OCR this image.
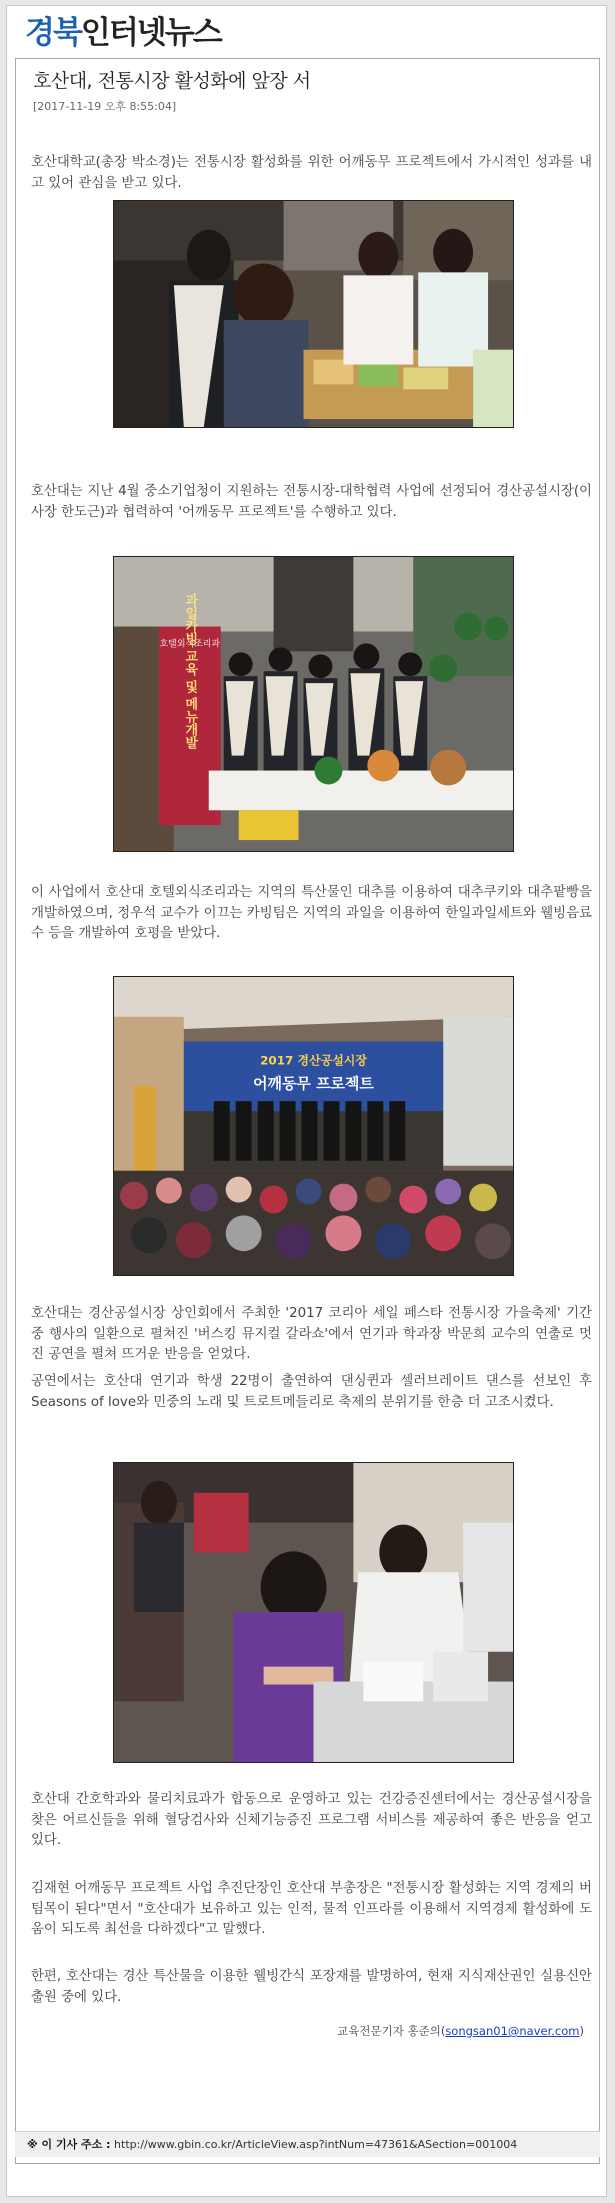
경북인터넷뉴스
호산대, 전통시장 활성화에 앞장 서
[2017-11-19 오후 8:55:04]

호산대학교(총장 박소경)는 전통시장 활성화를 위한 어깨동무 프로젝트에서 가시적인 성과를 내고 있어 관심을 받고 있다.

호산대는 지난 4월 중소기업청이 지원하는 전통시장-대학협력 사업에 선정되어 경산공설시장(이사장 한도근)과 협력하여 '어깨동무 프로젝트'를 수행하고 있다.

호텔외식조리과
과일카빙 교육 및 메뉴개발

이 사업에서 호산대 호텔외식조리과는 지역의 특산물인 대추를 이용하여 대추쿠키와 대추팥빵을 개발하였으며, 정우석 교수가 이끄는 카빙팀은 지역의 과일을 이용하여 한일과일세트와 웰빙음료수 등을 개발하여 호평을 받았다.

2017 경산공설시장
어깨동무 프로젝트

호산대는 경산공설시장 상인회에서 주최한 '2017 코리아 세일 페스타 전통시장 가을축제' 기간 중 행사의 일환으로 펼쳐진 '버스킹 뮤지컬 갈라쇼'에서 연기과 학과장 박문희 교수의 연출로 멋진 공연을 펼쳐 뜨거운 반응을 얻었다.

공연에서는 호산대 연기과 학생 22명이 출연하여 댄싱퀸과 셀러브레이트 댄스를 선보인 후 Seasons of love와 민중의 노래 및 트로트메들리로 축제의 분위기를 한층 더 고조시켰다.

호산대 간호학과와 물리치료과가 합동으로 운영하고 있는 건강증진센터에서는 경산공설시장을 찾은 어르신들을 위해 혈당검사와 신체기능증진 프로그램 서비스를 제공하여 좋은 반응을 얻고 있다.

김재현 어깨동무 프로젝트 사업 추진단장인 호산대 부총장은 "전통시장 활성화는 지역 경제의 버팀목이 된다"면서 "호산대가 보유하고 있는 인적, 물적 인프라를 이용해서 지역경제 활성화에 도움이 되도록 최선을 다하겠다"고 말했다.

한편, 호산대는 경산 특산물을 이용한 웰빙간식 포장재를 발명하여, 현재 지식재산권인 실용신안 출원 중에 있다.

교육전문기자 홍준의(songsan01@naver.com)
※ 이 기사 주소 : http://www.gbin.co.kr/ArticleView.asp?intNum=47361&ASection=001004
